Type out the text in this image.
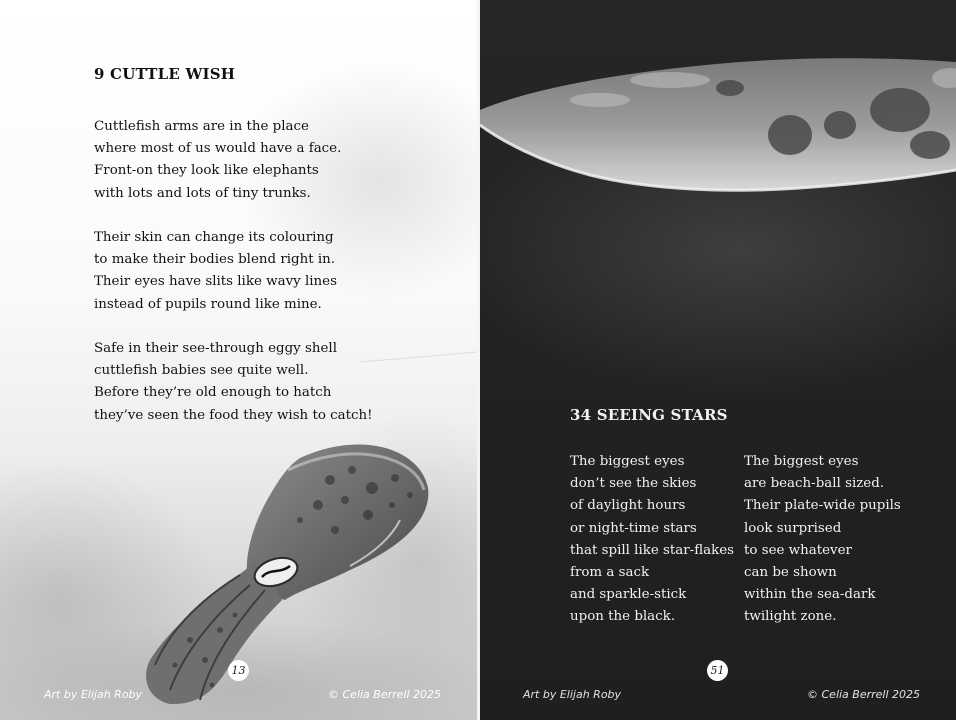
9 CUTTLE WISH

Cuttlefish arms are in the place
where most of us would have a face.
Front-on they look like elephants
with lots and lots of tiny trunks.

Their skin can change its colouring
to make their bodies blend right in.
Their eyes have slits like wavy lines
instead of pupils round like mine.

Safe in their see-through eggy shell
cuttlefish babies see quite well.
Before they’re old enough to hatch
they’ve seen the food they wish to catch!

13
Art by Elijah Roby	© Celia Berrell 2025
34 SEEING STARS

The biggest eyes
don’t see the skies
of daylight hours
or night-time stars
that spill like star-flakes
from a sack
and sparkle-stick
upon the black.

The biggest eyes
are beach-ball sized.
Their plate-wide pupils
look surprised
to see whatever
can be shown
within the sea-dark
twilight zone.

51
Art by Elijah Roby	© Celia Berrell 2025
